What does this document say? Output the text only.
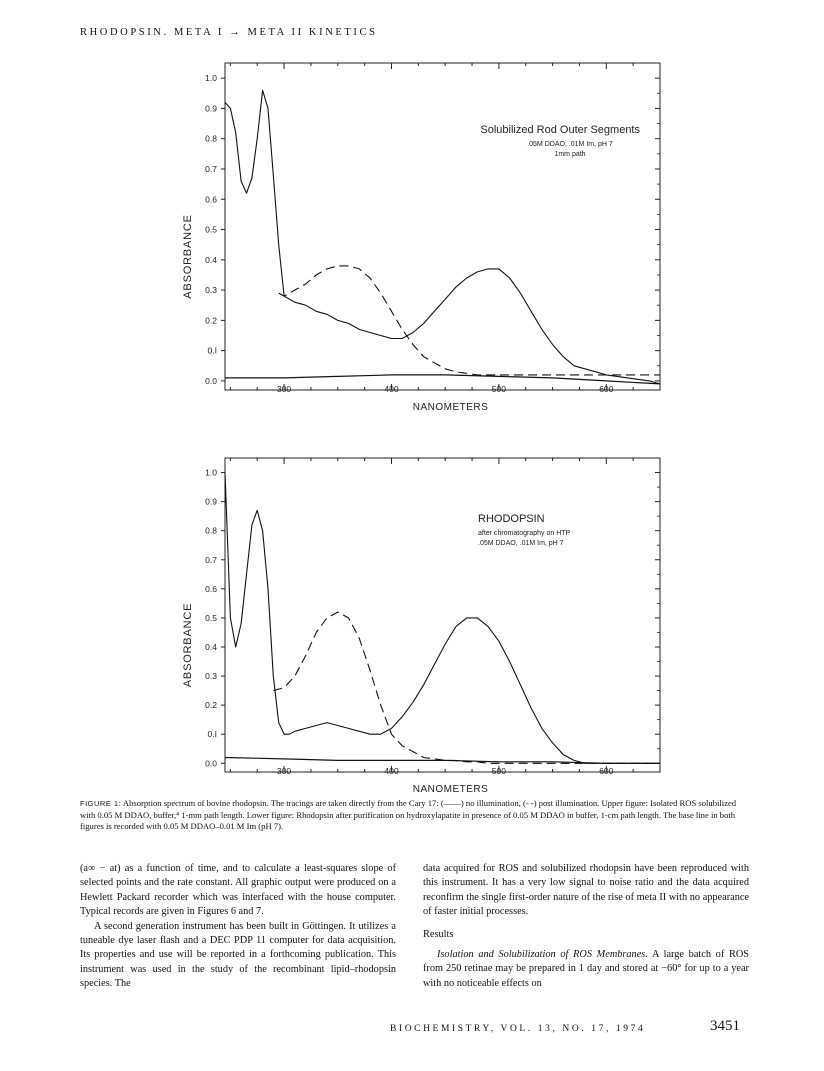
RHODOPSIN. META I → META II KINETICS
0.0
0.I
0.2
0.3
0.4
0.5
0.6
0.7
0.8
0.9
1.0
300	400	500	600
NANOMETERS
ABSORBANCE
Solubilized Rod Outer Segments
.05M DDAO, .01M Im, pH 7
1mm path
0.0
0.I
0.2
0.3
0.4
0.5
0.6
0.7
0.8
0.9
1.0
300	400	500	600
NANOMETERS
ABSORBANCE
RHODOPSIN
after chromatography on HTP
.05M DDAO, .01M Im, pH 7
FIGURE 1: Absorption spectrum of bovine rhodopsin. The tracings are taken directly from the Cary 17: (——) no illumination, (- -) post illumination. Upper figure: Isolated ROS solubilized with 0.05 M DDAO, buffer,⁴ 1-mm path length. Lower figure: Rhodopsin after purification on hydroxylapatite in presence of 0.05 M DDAO in buffer, 1-cm path length. The base line in both figures is recorded with 0.05 M DDAO–0.01 M Im (pH 7).

(a∞ − at) as a function of time, and to calculate a least-squares slope of selected points and the rate constant. All graphic output were produced on a Hewlett Packard recorder which was interfaced with the house computer. Typical records are given in Figures 6 and 7.

A second generation instrument has been built in Göttingen. It utilizes a tuneable dye laser flash and a DEC PDP 11 computer for data acquisition. Its properties and use will be reported in a forthcoming publication. This instrument was used in the study of the recombinant lipid–rhodopsin species. The

data acquired for ROS and solubilized rhodopsin have been reproduced with this instrument. It has a very low signal to noise ratio and the data acquired reconfirm the single first-order nature of the rise of meta II with no appearance of faster initial processes.

Results

Isolation and Solubilization of ROS Membranes. A large batch of ROS from 250 retinae may be prepared in 1 day and stored at −60° for up to a year with no noticeable effects on

BIOCHEMISTRY, VOL. 13, NO. 17, 1974	3451
